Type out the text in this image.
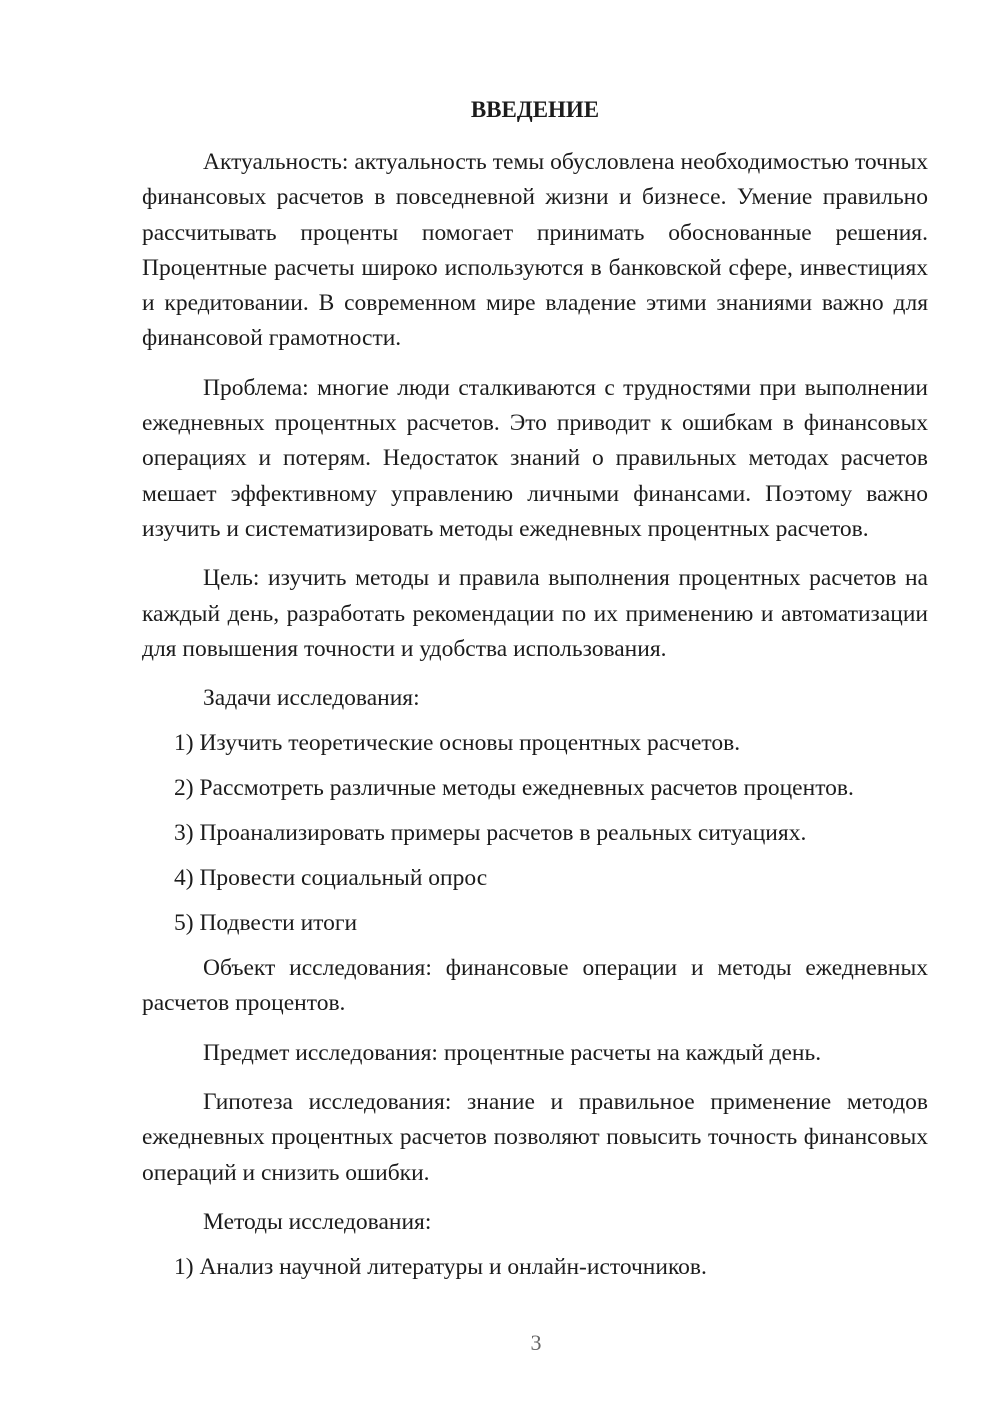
ВВЕДЕНИЕ

Актуальность: актуальность темы обусловлена необходимостью точных финансовых расчетов в повседневной жизни и бизнесе. Умение правильно рассчитывать проценты помогает принимать обоснованные решения. Процентные расчеты широко используются в банковской сфере, инвестициях и кредитовании. В современном мире владение этими знаниями важно для финансовой грамотности.

Проблема: многие люди сталкиваются с трудностями при выполнении ежедневных процентных расчетов. Это приводит к ошибкам в финансовых операциях и потерям. Недостаток знаний о правильных методах расчетов мешает эффективному управлению личными финансами. Поэтому важно изучить и систематизировать методы ежедневных процентных расчетов.

Цель: изучить методы и правила выполнения процентных расчетов на каждый день, разработать рекомендации по их применению и автоматизации для повышения точности и удобства использования.

Задачи исследования:
1) Изучить теоретические основы процентных расчетов.
2) Рассмотреть различные методы ежедневных расчетов процентов.
3) Проанализировать примеры расчетов в реальных ситуациях.
4) Провести социальный опрос
5) Подвести итоги

Объект исследования: финансовые операции и методы ежедневных расчетов процентов.

Предмет исследования: процентные расчеты на каждый день.

Гипотеза исследования: знание и правильное применение методов ежедневных процентных расчетов позволяют повысить точность финансовых операций и снизить ошибки.

Методы исследования:
1) Анализ научной литературы и онлайн-источников.
3
